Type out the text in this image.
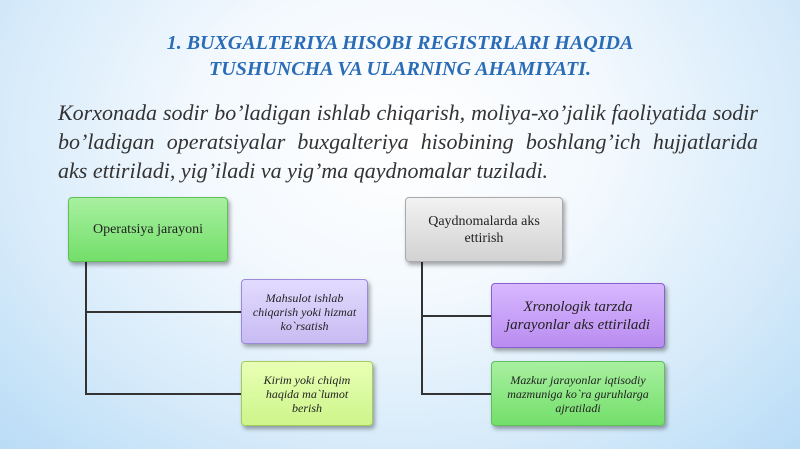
1. BUXGALTERIYA HISOBI REGISTRLARI HAQIDA
TUSHUNCHA VA ULARNING AHAMIYATI.
Korxonada sodir bo’ladigan ishlab chiqarish, moliya-xo’jalik faoliyatida sodir bo’ladigan operatsiyalar buxgalteriya hisobining boshlang’ich hujjatlarida aks ettiriladi, yig’iladi va yig’ma qaydnomalar tuziladi.
Operatsiya jarayoni
Mahsulot ishlab chiqarish yoki hizmat ko`rsatish
Kirim yoki chiqim haqida ma`lumot berish
Qaydnomalarda aks ettirish
Xronologik tarzda jarayonlar aks ettiriladi
Mazkur jarayonlar iqtisodiy mazmuniga ko`ra guruhlarga ajratiladi
